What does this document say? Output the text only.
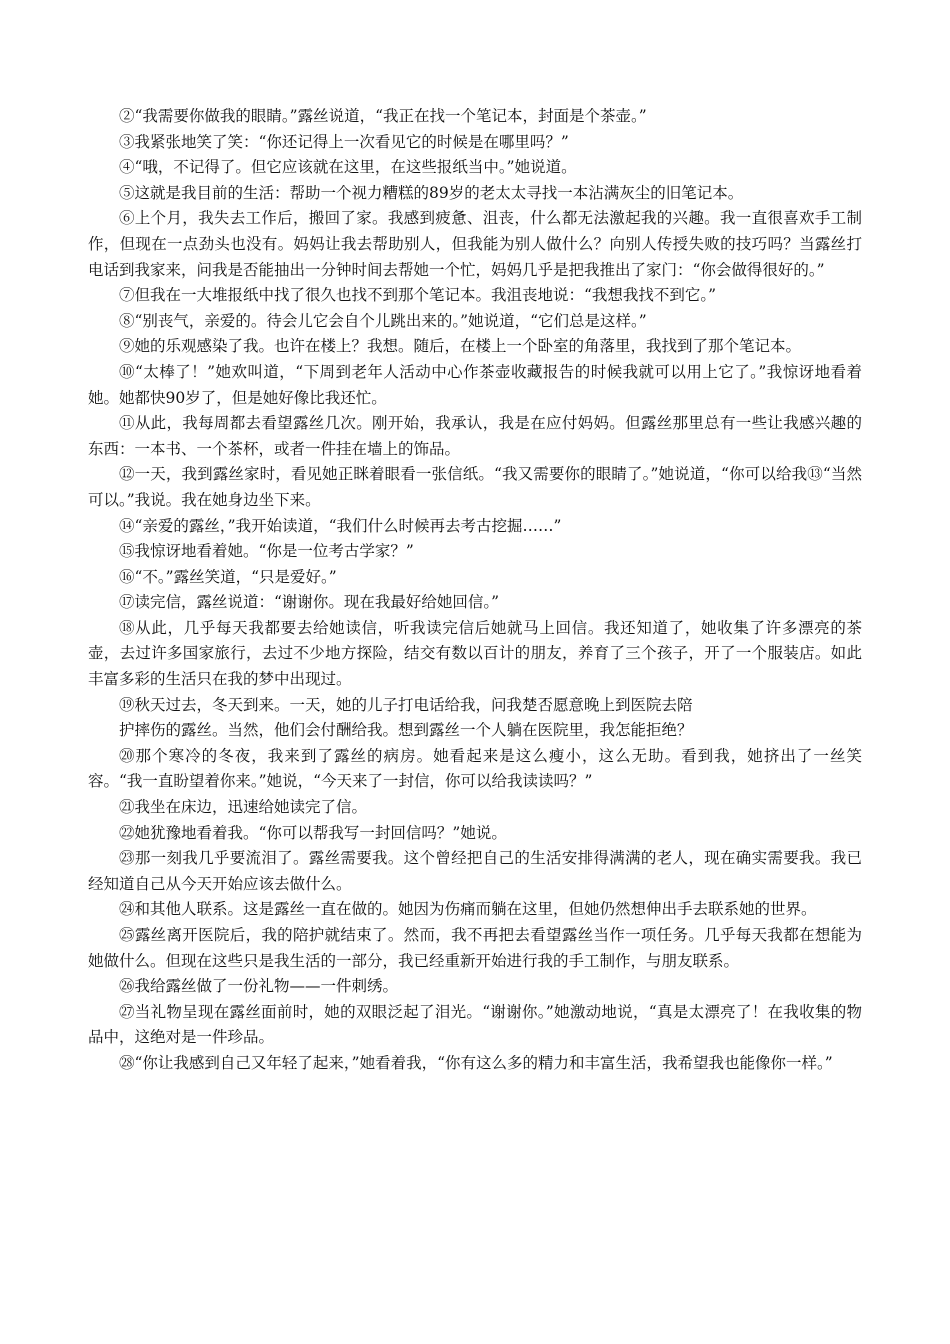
②“我需要你做我的眼睛。”露丝说道，“我正在找一个笔记本，封面是个茶壶。”

③我紧张地笑了笑：“你还记得上一次看见它的时候是在哪里吗？”

④“哦，不记得了。但它应该就在这里，在这些报纸当中。”她说道。

⑤这就是我目前的生活：帮助一个视力糟糕的89岁的老太太寻找一本沾满灰尘的旧笔记本。

⑥上个月，我失去工作后，搬回了家。我感到疲惫、沮丧，什么都无法激起我的兴趣。我一直很喜欢手工制作，但现在一点劲头也没有。妈妈让我去帮助别人，但我能为别人做什么？向别人传授失败的技巧吗？当露丝打电话到我家来，问我是否能抽出一分钟时间去帮她一个忙，妈妈几乎是把我推出了家门：“你会做得很好的。”

⑦但我在一大堆报纸中找了很久也找不到那个笔记本。我沮丧地说：“我想我找不到它。”

⑧“别丧气，亲爱的。待会儿它会自个儿跳出来的。”她说道，“它们总是这样。”

⑨她的乐观感染了我。也许在楼上？我想。随后，在楼上一个卧室的角落里，我找到了那个笔记本。

⑩“太棒了！”她欢叫道，“下周到老年人活动中心作茶壶收藏报告的时候我就可以用上它了。”我惊讶地看着她。她都快90岁了，但是她好像比我还忙。

⑪从此，我每周都去看望露丝几次。刚开始，我承认，我是在应付妈妈。但露丝那里总有一些让我感兴趣的东西：一本书、一个茶杯，或者一件挂在墙上的饰品。

⑫一天，我到露丝家时，看见她正眯着眼看一张信纸。“我又需要你的眼睛了。”她说道，“你可以给我⑬“当然可以。”我说。我在她身边坐下来。

⑭“亲爱的露丝，”我开始读道，“我们什么时候再去考古挖掘……”

⑮我惊讶地看着她。“你是一位考古学家？”

⑯“不。”露丝笑道，“只是爱好。”

⑰读完信，露丝说道：“谢谢你。现在我最好给她回信。”

⑱从此，几乎每天我都要去给她读信，听我读完信后她就马上回信。我还知道了，她收集了许多漂亮的茶壶，去过许多国家旅行，去过不少地方探险，结交有数以百计的朋友，养育了三个孩子，开了一个服装店。如此丰富多彩的生活只在我的梦中出现过。

⑲秋天过去，冬天到来。一天，她的儿子打电话给我，问我楚否愿意晚上到医院去陪

护摔伤的露丝。当然，他们会付酬给我。想到露丝一个人躺在医院里，我怎能拒绝？

⑳那个寒冷的冬夜，我来到了露丝的病房。她看起来是这么瘦小，这么无助。看到我，她挤出了一丝笑容。“我一直盼望着你来。”她说，“今天来了一封信，你可以给我读读吗？”

㉑我坐在床边，迅速给她读完了信。

㉒她犹豫地看着我。“你可以帮我写一封回信吗？”她说。

㉓那一刻我几乎要流泪了。露丝需要我。这个曾经把自己的生活安排得满满的老人，现在确实需要我。我已经知道自己从今天开始应该去做什么。

㉔和其他人联系。这是露丝一直在做的。她因为伤痛而躺在这里，但她仍然想伸出手去联系她的世界。

㉕露丝离开医院后，我的陪护就结束了。然而，我不再把去看望露丝当作一项任务。几乎每天我都在想能为她做什么。但现在这些只是我生活的一部分，我已经重新开始进行我的手工制作，与朋友联系。

㉖我给露丝做了一份礼物——一件刺绣。

㉗当礼物呈现在露丝面前时，她的双眼泛起了泪光。“谢谢你。”她激动地说，“真是太漂亮了！在我收集的物品中，这绝对是一件珍品。

㉘“你让我感到自己又年轻了起来，”她看着我，“你有这么多的精力和丰富生活，我希望我也能像你一样。”
